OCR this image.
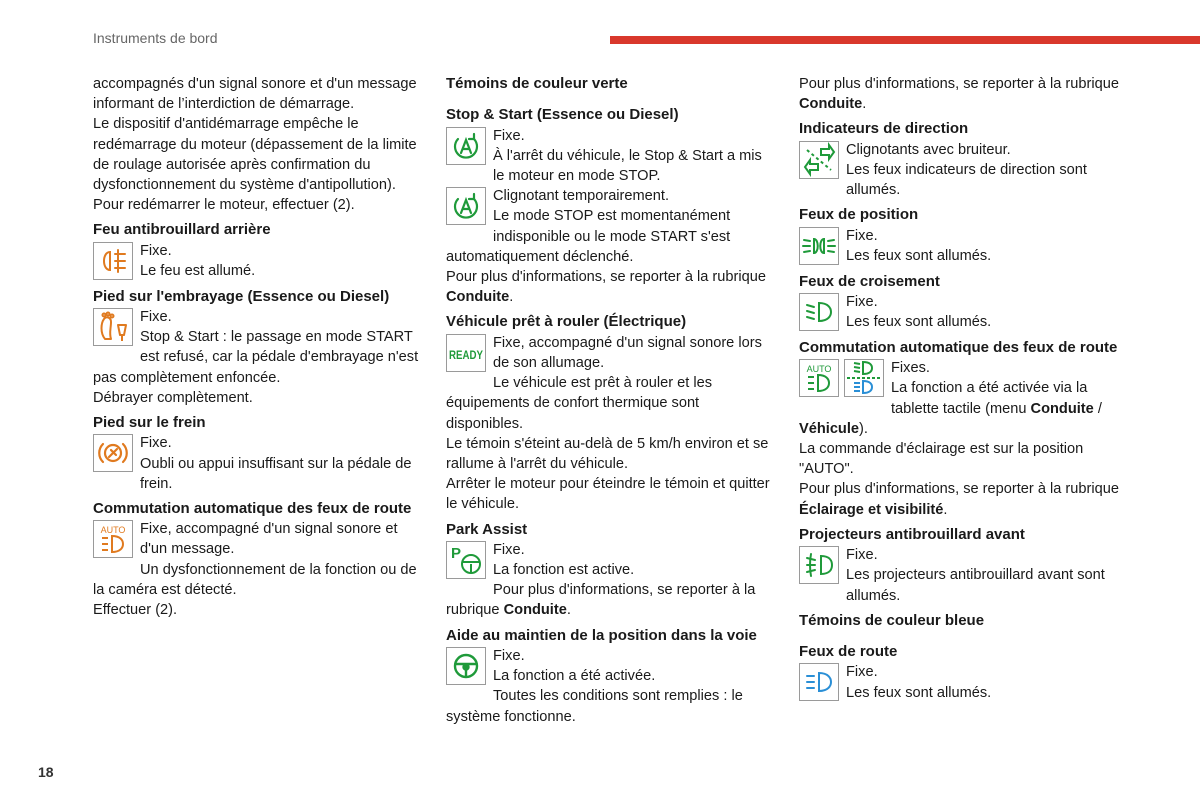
Instruments de bord
18

accompagnés d'un signal sonore et d'un message informant de l’interdiction de démarrage.

Le dispositif d'antidémarrage empêche le redémarrage du moteur (dépassement de la limite de roulage autorisée après confirmation du dysfonctionnement du système d'antipollution).

Pour redémarrer le moteur, effectuer (2).

Feu antibrouillard arrière

Fixe.

Le feu est allumé.

Pied sur l'embrayage (Essence ou Diesel)

Fixe.

Stop & Start : le passage en mode START est refusé, car la pédale d'embrayage n'est pas complètement enfoncée.

Débrayer complètement.

Pied sur le frein

Fixe.

Oubli ou appui insuffisant sur la pédale de frein.

Commutation automatique des feux de route
AUTO Fixe, accompagné d'un signal sonore et d'un message.

Un dysfonctionnement de la fonction ou de la caméra est détecté.

Effectuer (2).

Témoins de couleur verte
Stop & Start (Essence ou Diesel)

Fixe.

À l'arrêt du véhicule, le Stop & Start a mis le moteur en mode STOP.

Clignotant temporairement.

Le mode STOP est momentanément indisponible ou le mode START s'est automatiquement déclenché.

Pour plus d'informations, se reporter à la rubrique Conduite.

Véhicule prêt à rouler (Électrique)
READY

Fixe, accompagné d'un signal sonore lors de son allumage.

Le véhicule est prêt à rouler et les équipements de confort thermique sont disponibles.

Le témoin s'éteint au-delà de 5 km/h environ et se rallume à l'arrêt du véhicule.

Arrêter le moteur pour éteindre le témoin et quitter le véhicule.

Park Assist
P	Fixe.

La fonction est active.

Pour plus d'informations, se reporter à la rubrique Conduite.

Aide au maintien de la position dans la voie

Fixe.

La fonction a été activée.

Toutes les conditions sont remplies : le système fonctionne.

Pour plus d'informations, se reporter à la rubrique Conduite.

Indicateurs de direction

Clignotants avec bruiteur.

Les feux indicateurs de direction sont allumés.

Feux de position

Fixe.

Les feux sont allumés.

Feux de croisement

Fixe.

Les feux sont allumés.

Commutation automatique des feux de route
AUTO	Fixes.

La fonction a été activée via la tablette tactile (menu Conduite / Véhicule).

La commande d'éclairage est sur la position "AUTO".

Pour plus d'informations, se reporter à la rubrique Éclairage et visibilité.

Projecteurs antibrouillard avant

Fixe.

Les projecteurs antibrouillard avant sont allumés.

Témoins de couleur bleue
Feux de route

Fixe.

Les feux sont allumés.
